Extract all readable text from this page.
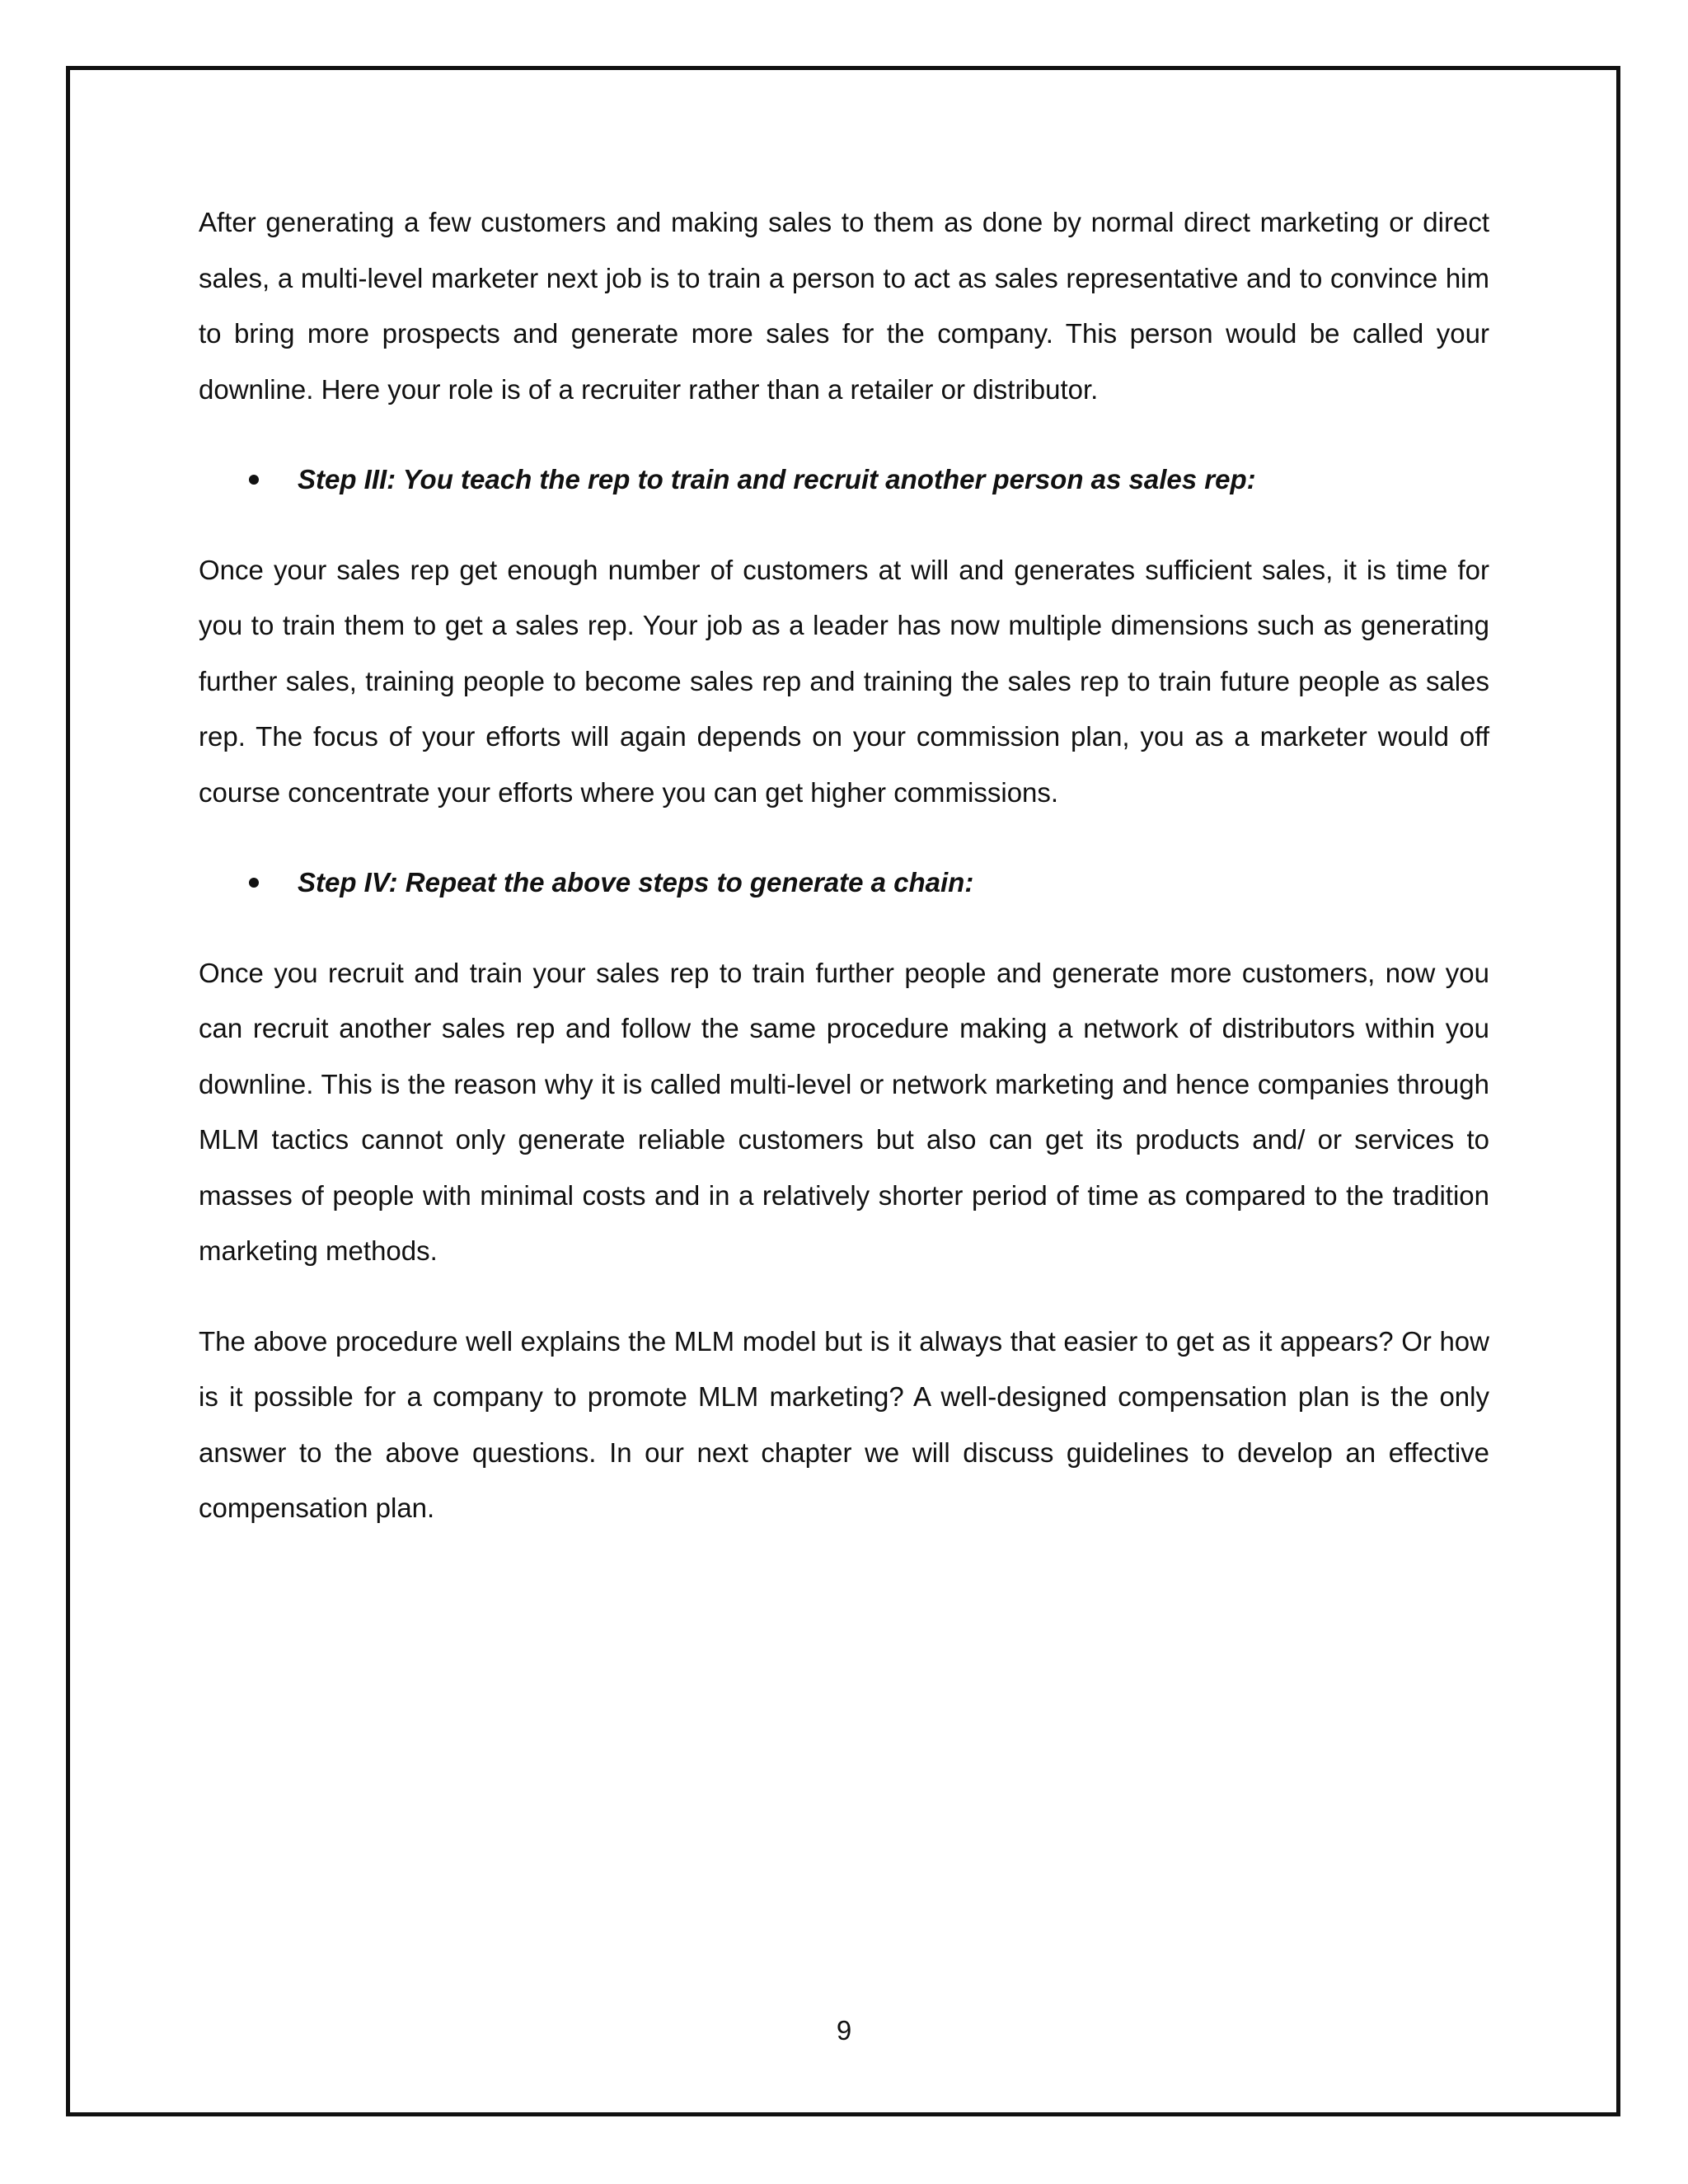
After generating a few customers and making sales to them as done by normal direct marketing or direct sales, a multi-level marketer next job is to train a person to act as sales representative and to convince him to bring more prospects and generate more sales for the company. This person would be called your downline. Here your role is of a recruiter rather than a retailer or distributor.

Step III: You teach the rep to train and recruit another person as sales rep:

Once your sales rep get enough number of customers at will and generates sufficient sales, it is time for you to train them to get a sales rep. Your job as a leader has now multiple dimensions such as generating further sales, training people to become sales rep and training the sales rep to train future people as sales rep. The focus of your efforts will again depends on your commission plan, you as a marketer would off course concentrate your efforts where you can get higher commissions.

Step IV: Repeat the above steps to generate a chain:

Once you recruit and train your sales rep to train further people and generate more customers, now you can recruit another sales rep and follow the same procedure making a network of distributors within you downline. This is the reason why it is called multi-level or network marketing and hence companies through MLM tactics cannot only generate reliable customers but also can get its products and/ or services to masses of people with minimal costs and in a relatively shorter period of time as compared to the tradition marketing methods.

The above procedure well explains the MLM model but is it always that easier to get as it appears? Or how is it possible for a company to promote MLM marketing? A well-designed compensation plan is the only answer to the above questions. In our next chapter we will discuss guidelines to develop an effective compensation plan.

9
